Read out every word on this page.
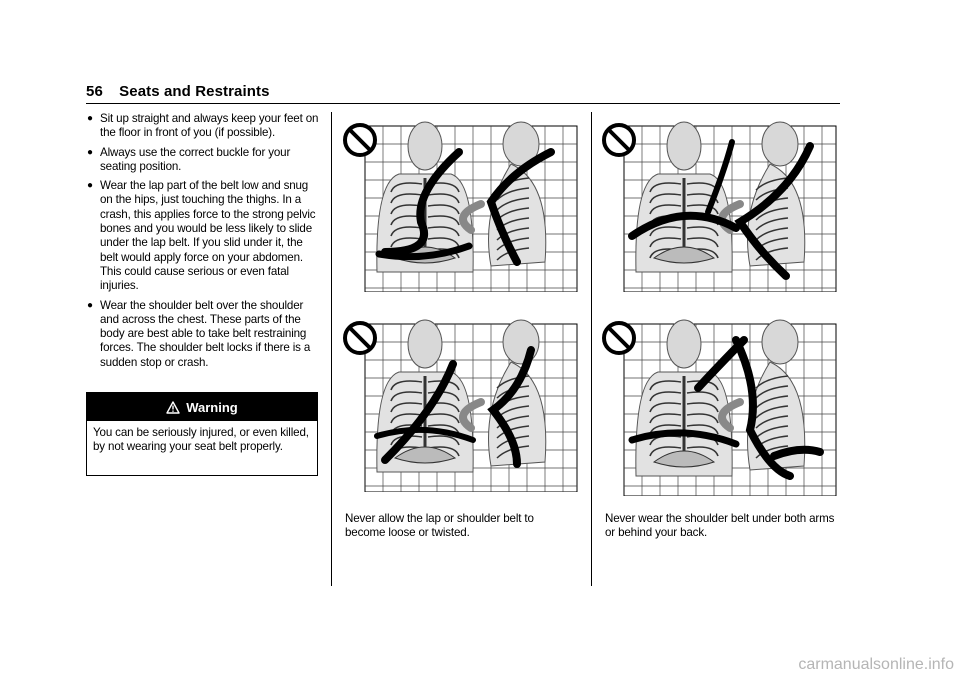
56 Seats and Restraints
● Sit up straight and always keep your feet on the floor in front of you (if possible).
● Always use the correct buckle for your seating position.
● Wear the lap part of the belt low and snug on the hips, just touching the thighs. In a crash, this applies force to the strong pelvic bones and you would be less likely to slide under the lap belt. If you slid under it, the belt would apply force on your abdomen. This could cause serious or even fatal injuries.
● Wear the shoulder belt over the shoulder and across the chest. These parts of the body are best able to take belt restraining forces. The shoulder belt locks if there is a sudden stop or crash.
Warning
You can be seriously injured, or even killed, by not wearing your seat belt properly.
Never allow the lap or shoulder belt to become loose or twisted.
Never wear the shoulder belt under both arms or behind your back.
carmanualsonline.info
